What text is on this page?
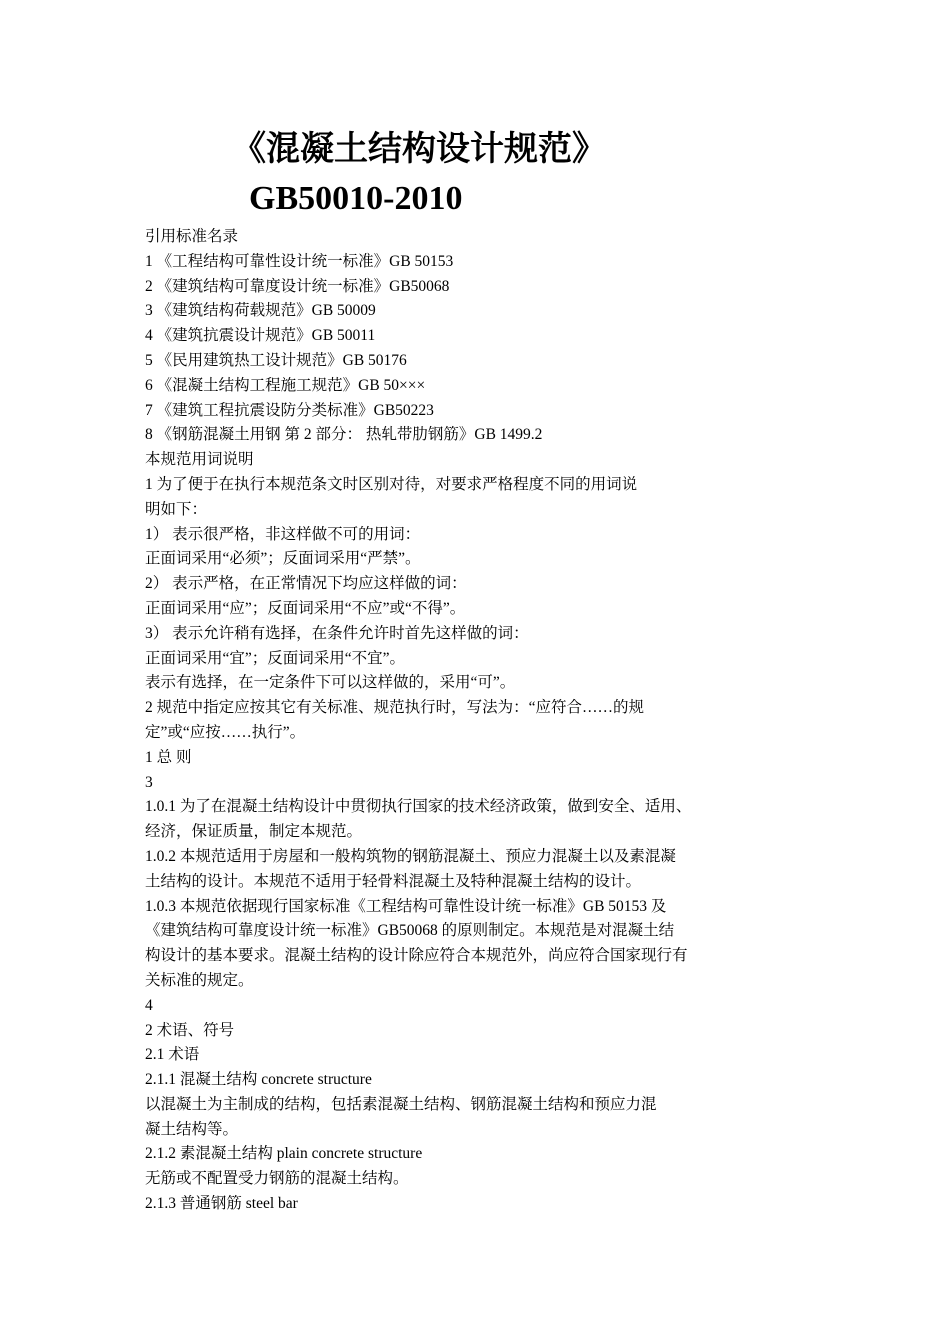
《混凝土结构设计规范》
GB50010-2010
引用标准名录
1 《工程结构可靠性设计统一标准》GB 50153
2 《建筑结构可靠度设计统一标准》GB50068
3 《建筑结构荷载规范》GB 50009
4 《建筑抗震设计规范》GB 50011
5 《民用建筑热工设计规范》GB 50176
6 《混凝土结构工程施工规范》GB 50×××
7 《建筑工程抗震设防分类标准》GB50223
8 《钢筋混凝土用钢 第 2 部分： 热轧带肋钢筋》GB 1499.2
本规范用词说明
1 为了便于在执行本规范条文时区别对待，对要求严格程度不同的用词说
明如下：
1） 表示很严格，非这样做不可的用词：
正面词采用“必须”；反面词采用“严禁”。
2） 表示严格，在正常情况下均应这样做的词：
正面词采用“应”；反面词采用“不应”或“不得”。
3） 表示允许稍有选择，在条件允许时首先这样做的词：
正面词采用“宜”；反面词采用“不宜”。
表示有选择，在一定条件下可以这样做的，采用“可”。
2 规范中指定应按其它有关标准、规范执行时，写法为：“应符合……的规
定”或“应按……执行”。
1 总 则
3
1.0.1 为了在混凝土结构设计中贯彻执行国家的技术经济政策，做到安全、适用、
经济，保证质量，制定本规范。
1.0.2 本规范适用于房屋和一般构筑物的钢筋混凝土、预应力混凝土以及素混凝
土结构的设计。本规范不适用于轻骨料混凝土及特种混凝土结构的设计。
1.0.3 本规范依据现行国家标准《工程结构可靠性设计统一标准》GB 50153 及
《建筑结构可靠度设计统一标准》GB50068 的原则制定。本规范是对混凝土结
构设计的基本要求。混凝土结构的设计除应符合本规范外，尚应符合国家现行有
关标准的规定。
4
2 术语、符号
2.1 术语
2.1.1 混凝土结构 concrete structure
以混凝土为主制成的结构，包括素混凝土结构、钢筋混凝土结构和预应力混
凝土结构等。
2.1.2 素混凝土结构 plain concrete structure
无筋或不配置受力钢筋的混凝土结构。
2.1.3 普通钢筋 steel bar
